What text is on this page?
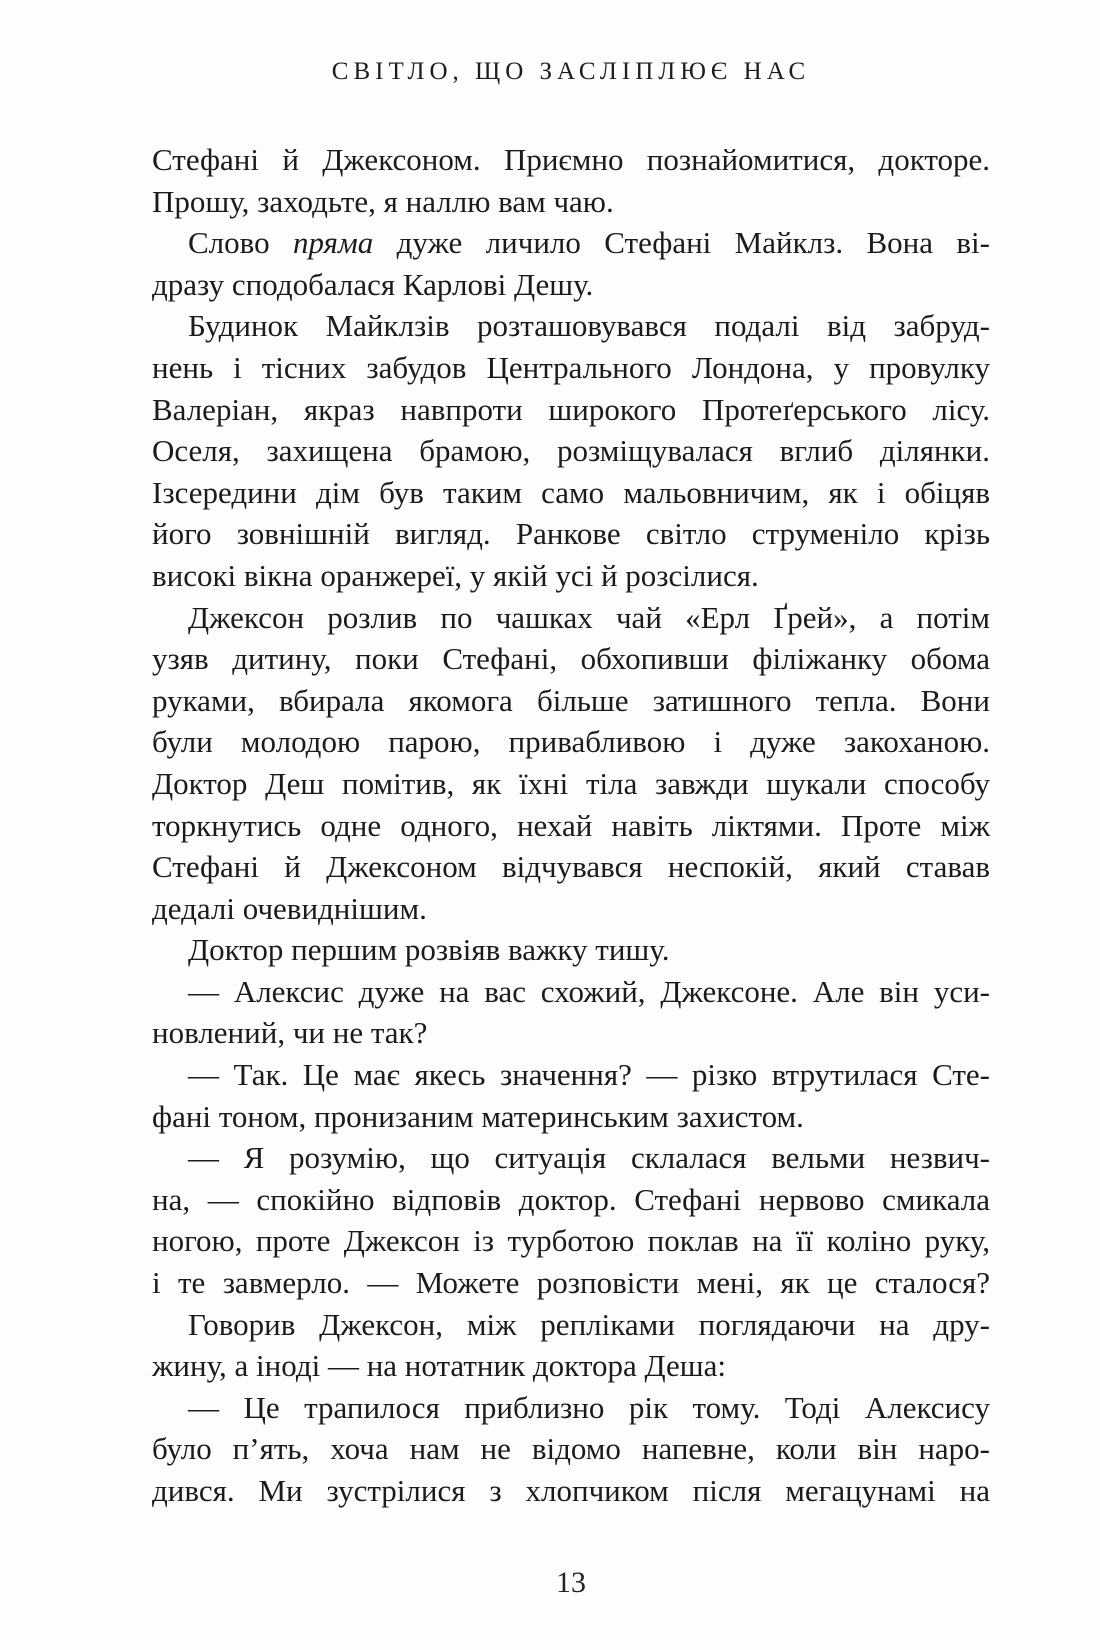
СВІТЛО, ЩО ЗАСЛІПЛЮЄ НАС
Стефані й Джексоном. Приємно познайомитися, докторе.
Прошу, заходьте, я наллю вам чаю.
Слово пряма дуже личило Стефані Майклз. Вона ві-
дразу сподобалася Карлові Дешу.
Будинок Майклзів розташовувався подалі від забруд-
нень і тісних забудов Центрального Лондона, у провулку
Валеріан, якраз навпроти широкого Протеґерського лісу.
Оселя, захищена брамою, розміщувалася вглиб ділянки.
Ізсередини дім був таким само мальовничим, як і обіцяв
його зовнішній вигляд. Ранкове світло струменіло крізь
високі вікна оранжереї, у якій усі й розсілися.
Джексон розлив по чашках чай «Ерл Ґрей», а потім
узяв дитину, поки Стефані, обхопивши філіжанку обома
руками, вбирала якомога більше затишного тепла. Вони
були молодою парою, привабливою і дуже закоханою.
Доктор Деш помітив, як їхні тіла завжди шукали способу
торкнутись одне одного, нехай навіть ліктями. Проте між
Стефані й Джексоном відчувався неспокій, який ставав
дедалі очевиднішим.
Доктор першим розвіяв важку тишу.
— Алексис дуже на вас схожий, Джексоне. Але він уси-
новлений, чи не так?
— Так. Це має якесь значення? — різко втрутилася Сте-
фані тоном, пронизаним материнським захистом.
— Я розумію, що ситуація склалася вельми незвич-
на, — спокійно відповів доктор. Стефані нервово смикала
ногою, проте Джексон із турботою поклав на її коліно руку,
і те завмерло. — Можете розповісти мені, як це сталося?
Говорив Джексон, між репліками поглядаючи на дру-
жину, а іноді — на нотатник доктора Деша:
— Це трапилося приблизно рік тому. Тоді Алексису
було п’ять, хоча нам не відомо напевне, коли він наро-
дився. Ми зустрілися з хлопчиком після мегацунамі на
13
